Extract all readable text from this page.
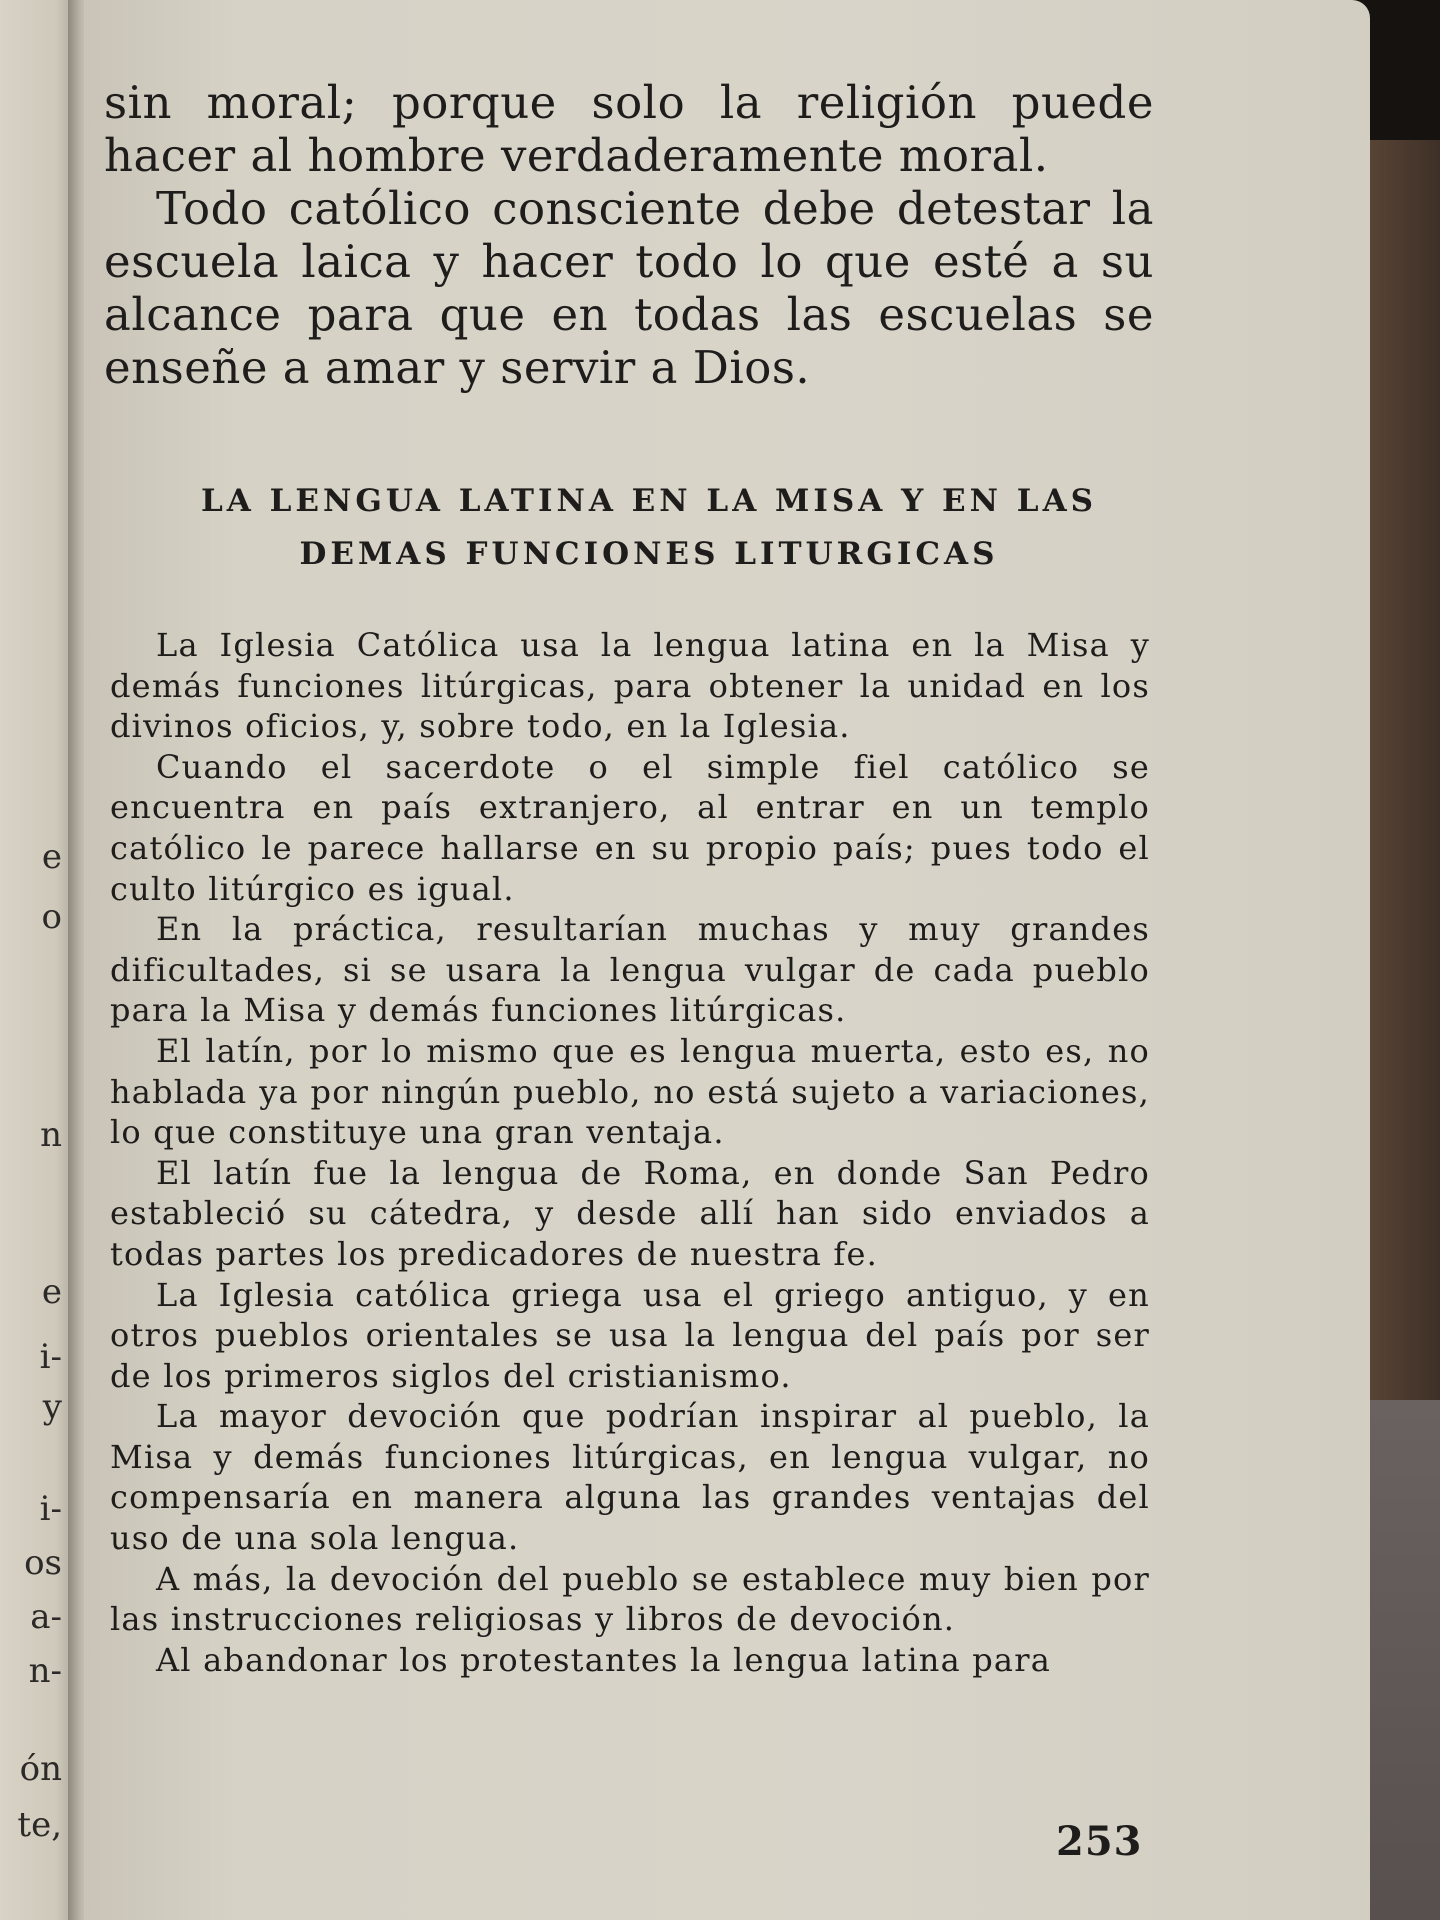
e
o
n
e
i-
y
i-
os
a-
n-
ón
te,

sin moral; porque solo la religión puede hacer al hombre verdaderamente moral.

Todo católico consciente debe detestar la escuela laica y hacer todo lo que esté a su alcance para que en todas las escuelas se enseñe a amar y servir a Dios.

LA LENGUA LATINA EN LA MISA Y EN LAS
DEMAS FUNCIONES LITURGICAS

La Iglesia Católica usa la lengua latina en la Misa y demás funciones litúrgicas, para obtener la unidad en los divinos oficios, y, sobre todo, en la Iglesia.

Cuando el sacerdote o el simple fiel católico se encuentra en país extranjero, al entrar en un templo católico le parece hallarse en su propio país; pues todo el culto litúrgico es igual.

En la práctica, resultarían muchas y muy grandes dificultades, si se usara la lengua vulgar de cada pueblo para la Misa y demás funciones litúrgicas.

El latín, por lo mismo que es lengua muerta, esto es, no hablada ya por ningún pueblo, no está sujeto a variaciones, lo que constituye una gran ventaja.

El latín fue la lengua de Roma, en donde San Pedro estableció su cátedra, y desde allí han sido enviados a todas partes los predicadores de nuestra fe.

La Iglesia católica griega usa el griego antiguo, y en otros pueblos orientales se usa la lengua del país por ser de los primeros siglos del cristianismo.

La mayor devoción que podrían inspirar al pueblo, la Misa y demás funciones litúrgicas, en lengua vulgar, no compensaría en manera alguna las grandes ventajas del uso de una sola lengua.

A más, la devoción del pueblo se establece muy bien por las instrucciones religiosas y libros de devoción.

Al abandonar los protestantes la lengua latina para

253
